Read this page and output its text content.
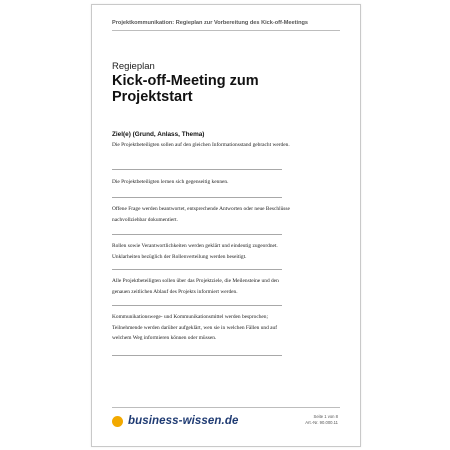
Projektkommunikation: Regieplan zur Vorbereitung des Kick-off-Meetings
Regieplan
Kick-off-Meeting zum Projektstart
Ziel(e) (Grund, Anlass, Thema)
Die Projektbeteiligten sollen auf den gleichen Informationsstand gebracht werden.
Die Projektbeteiligten lernen sich gegenseitig kennen.
Offene Frage werden beantwortet, entsprechende Antworten oder neue Beschlüsse nachvollziehbar dokumentiert.
Rollen sowie Verantwortlichkeiten werden geklärt und eindeutig zugeordnet. Unklarheiten bezüglich der Rollenverteilung werden beseitigt.
Alle Projektbeteiligten sollen über das Projektziele, die Meilensteine und den genauen zeitlichen Ablauf des Projekts informiert werden.
Kommunikationswege- und Kommunikationsmittel werden besprochen; Teilnehmende werden darüber aufgeklärt, wen sie in welchen Fällen und auf welchem Weg informieren können oder müssen.
business-wissen.de	Seite 1 von 8
Art.-Nr. 90.000.11
